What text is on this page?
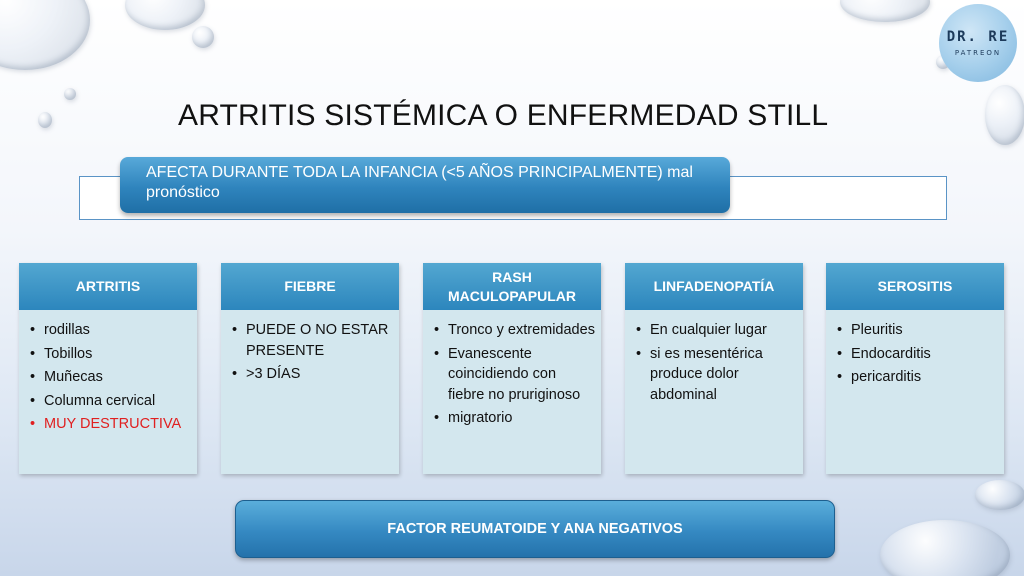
DR. RE
PATREON
ARTRITIS SISTÉMICA O ENFERMEDAD STILL
AFECTA DURANTE TODA LA INFANCIA (<5 AÑOS PRINCIPALMENTE) mal pronóstico
ARTRITIS
• rodillas
• Tobillos
• Muñecas
• Columna cervical
• MUY DESTRUCTIVA
FIEBRE
• PUEDE O NO ESTAR PRESENTE
• >3 DÍAS
RASH MACULOPAPULAR
• Tronco y extremidades
• Evanescente coincidiendo con fiebre no pruriginoso
• migratorio
LINFADENOPATÍA
• En cualquier lugar
• si es mesentérica produce dolor abdominal
SEROSITIS
• Pleuritis
• Endocarditis
• pericarditis
FACTOR REUMATOIDE Y ANA NEGATIVOS
